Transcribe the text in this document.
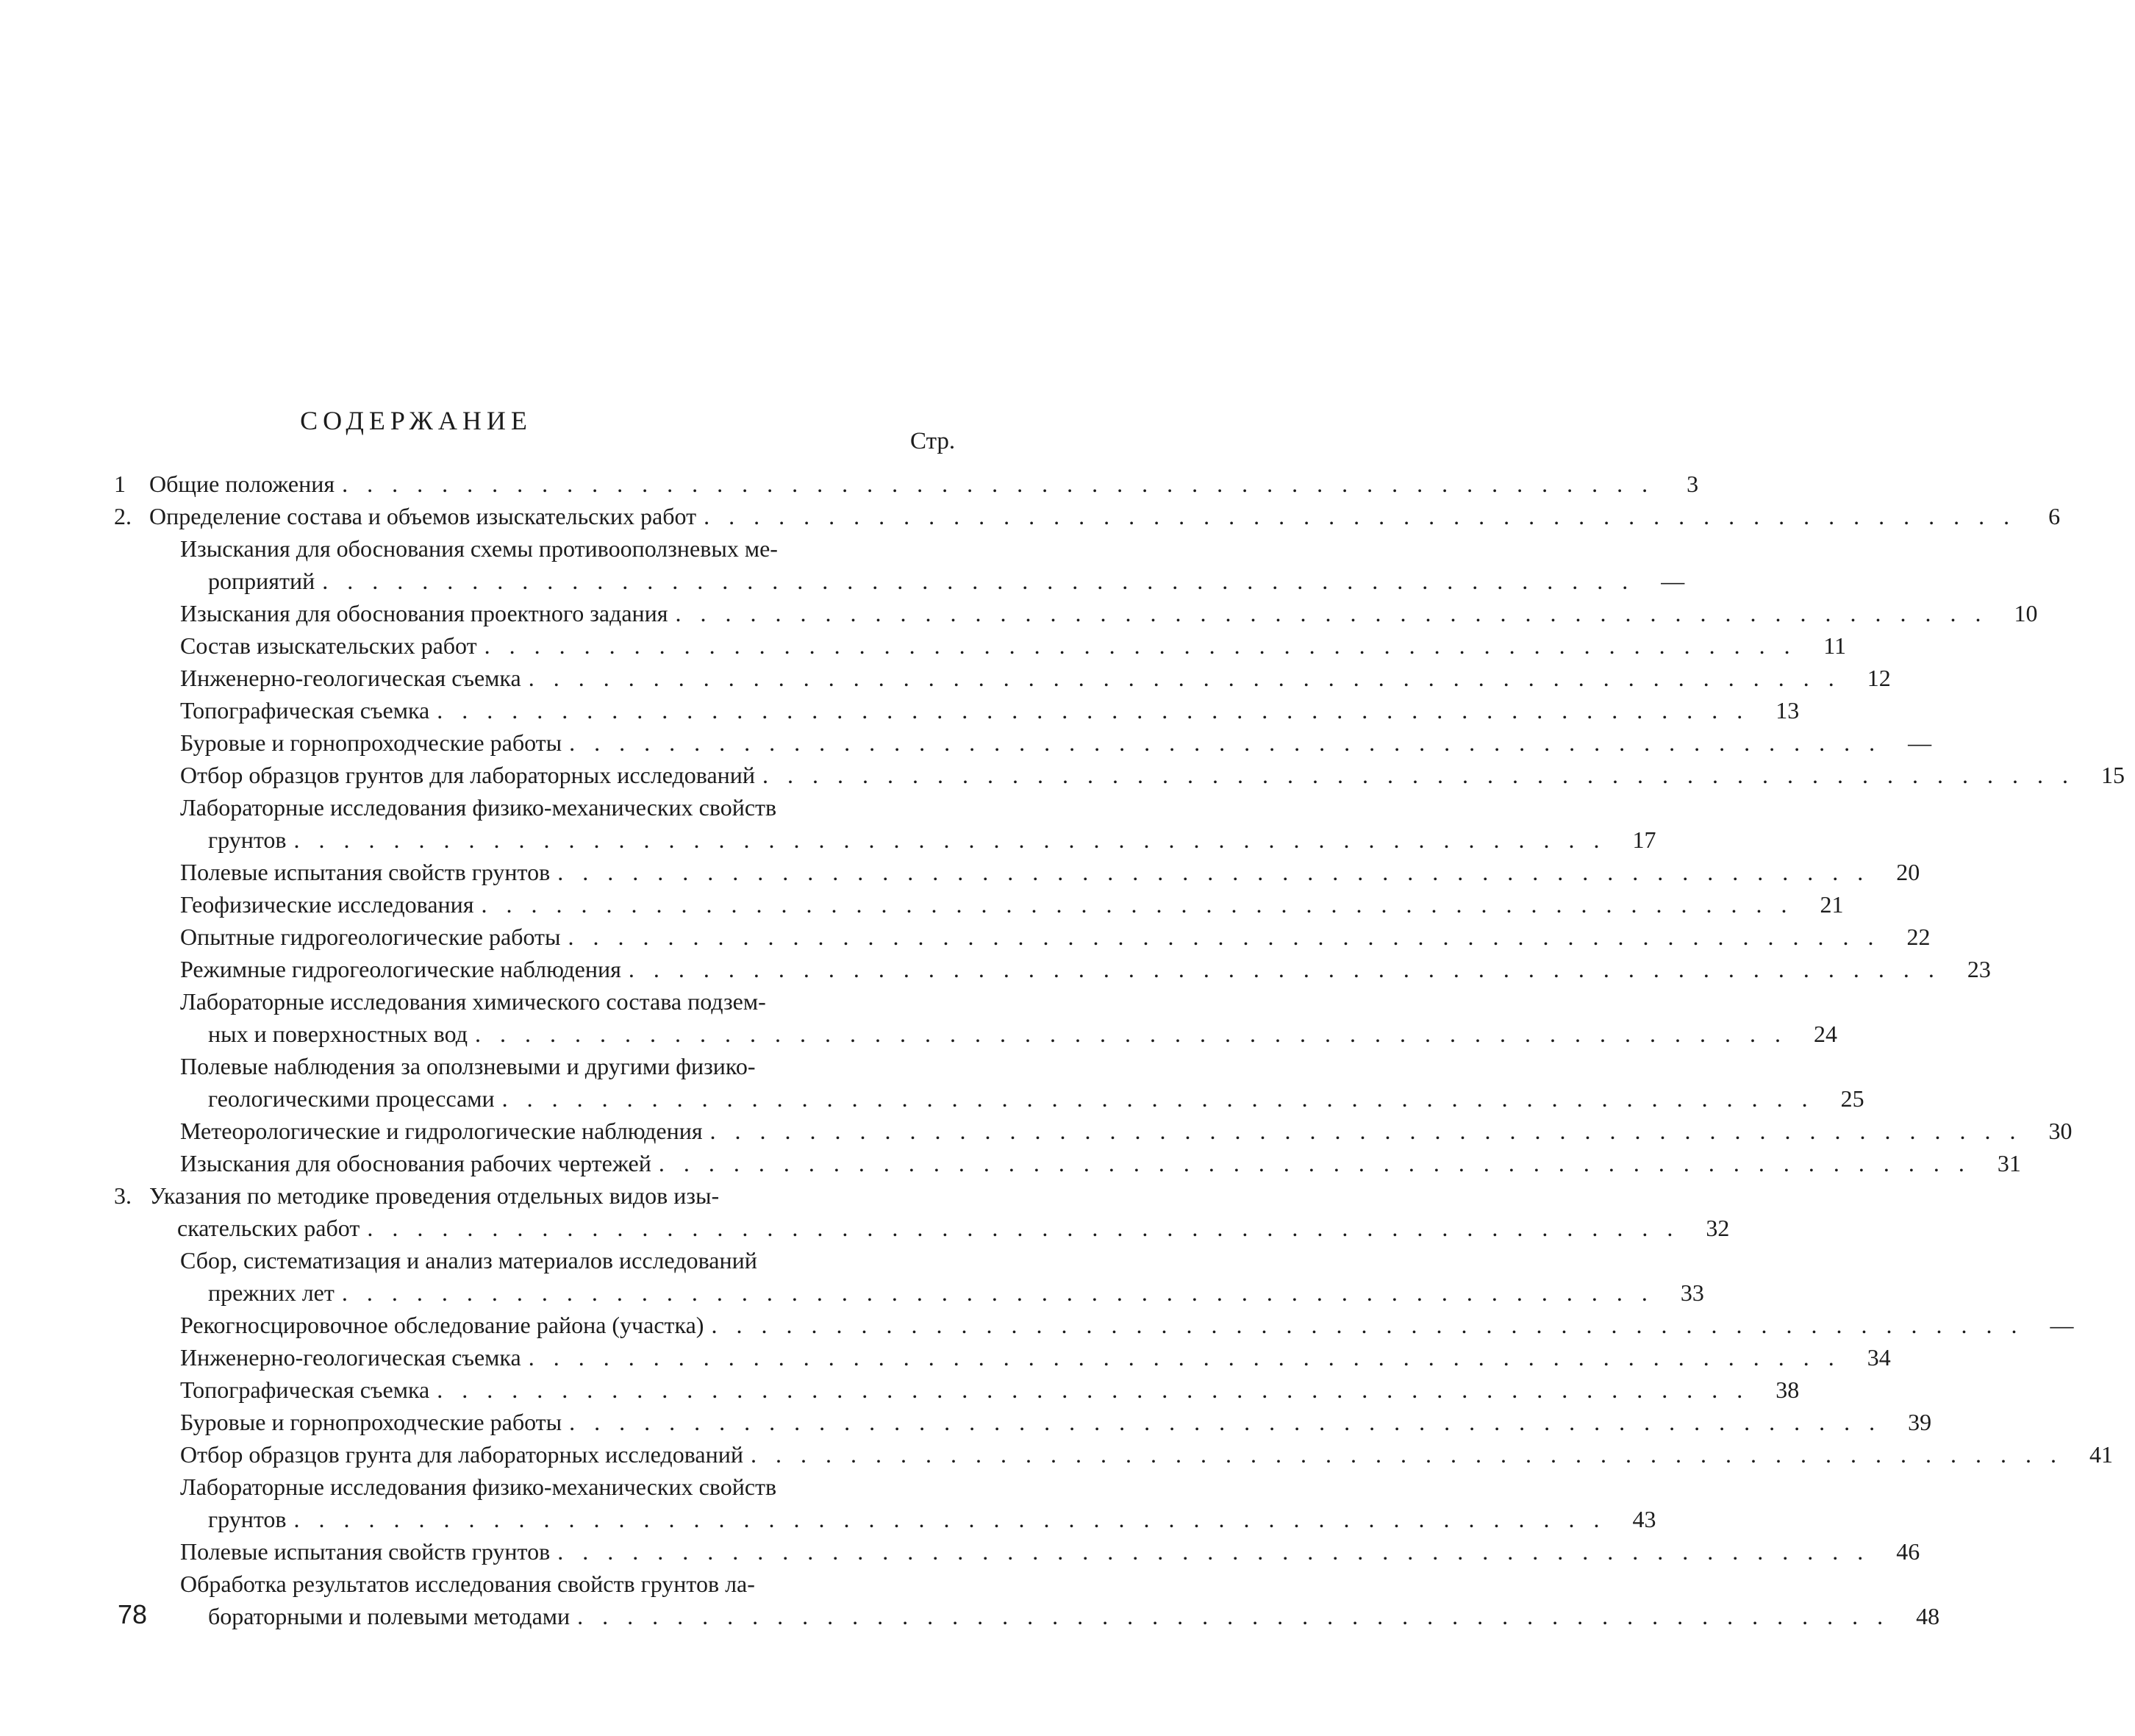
СОДЕРЖАНИЕ
Стр.
1	Общие положения . . .	3
2. Определение состава и объемов изыскательских работ . . .	6
Изыскания для обоснования схемы противооползневых ме-
роприятий . . .	—
Изыскания для обоснования проектного задания . . .	10
Состав изыскательских работ . . .	11
Инженерно-геологическая съемка . . .	12
Топографическая съемка . . .	13
Буровые и горнопроходческие работы . . .	—
Отбор образцов грунтов для лабораторных исследований . . .	15
Лабораторные исследования физико-механических свойств
грунтов . . .	17
Полевые испытания свойств грунтов . . .	20
Геофизические исследования . . .	21
Опытные гидрогеологические работы . . .	22
Режимные гидрогеологические наблюдения . . .	23
Лабораторные исследования химического состава подзем-
ных и поверхностных вод . . .	24
Полевые наблюдения за оползневыми и другими физико-
геологическими процессами . . .	25
Метеорологические и гидрологические наблюдения . . .	30
Изыскания для обоснования рабочих чертежей . . .	31
3. Указания по методике проведения отдельных видов изы-
скательских работ . . .	32
Сбор, систематизация и анализ материалов исследований
прежних лет . . .	33
Рекогносцировочное обследование района (участка) . . .	—
Инженерно-геологическая съемка . . .	34
Топографическая съемка . . .	38
Буровые и горнопроходческие работы . . .	39
Отбор образцов грунта для лабораторных исследований . . .	41
Лабораторные исследования физико-механических свойств
грунтов . . .	43
Полевые испытания свойств грунтов . . .	46
Обработка результатов исследования свойств грунтов ла-
бораторными и полевыми методами . . .	48
78
